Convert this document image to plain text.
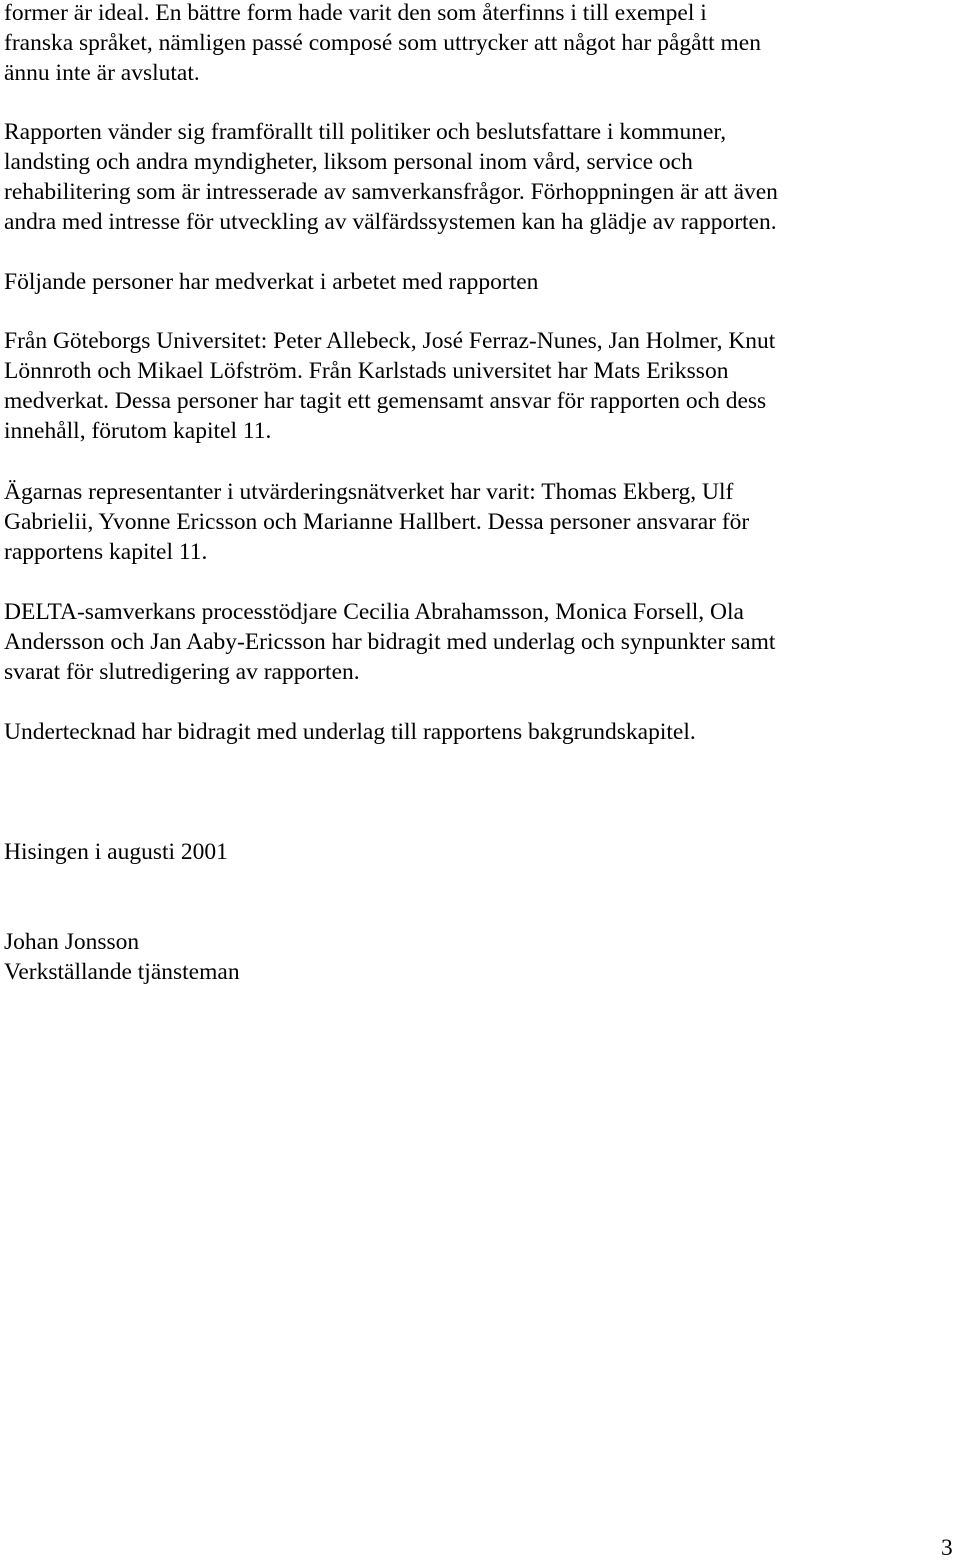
former är ideal. En bättre form hade varit den som återfinns i till exempel i
franska språket, nämligen passé composé som uttrycker att något har pågått men
ännu inte är avslutat.

Rapporten vänder sig framförallt till politiker och beslutsfattare i kommuner,
landsting och andra myndigheter, liksom personal inom vård, service och
rehabilitering som är intresserade av samverkansfrågor. Förhoppningen är att även
andra med intresse för utveckling av välfärdssystemen kan ha glädje av rapporten.

Följande personer har medverkat i arbetet med rapporten

Från Göteborgs Universitet: Peter Allebeck, José Ferraz-Nunes, Jan Holmer, Knut
Lönnroth och Mikael Löfström. Från Karlstads universitet har Mats Eriksson
medverkat. Dessa personer har tagit ett gemensamt ansvar för rapporten och dess
innehåll, förutom kapitel 11.

Ägarnas representanter i utvärderingsnätverket har varit: Thomas Ekberg, Ulf
Gabrielii, Yvonne Ericsson och Marianne Hallbert. Dessa personer ansvarar för
rapportens kapitel 11.

DELTA-samverkans processtödjare Cecilia Abrahamsson, Monica Forsell, Ola
Andersson och Jan Aaby-Ericsson har bidragit med underlag och synpunkter samt
svarat för slutredigering av rapporten.

Undertecknad har bidragit med underlag till rapportens bakgrundskapitel.

Hisingen i augusti 2001

Johan Jonsson
Verkställande tjänsteman

3
